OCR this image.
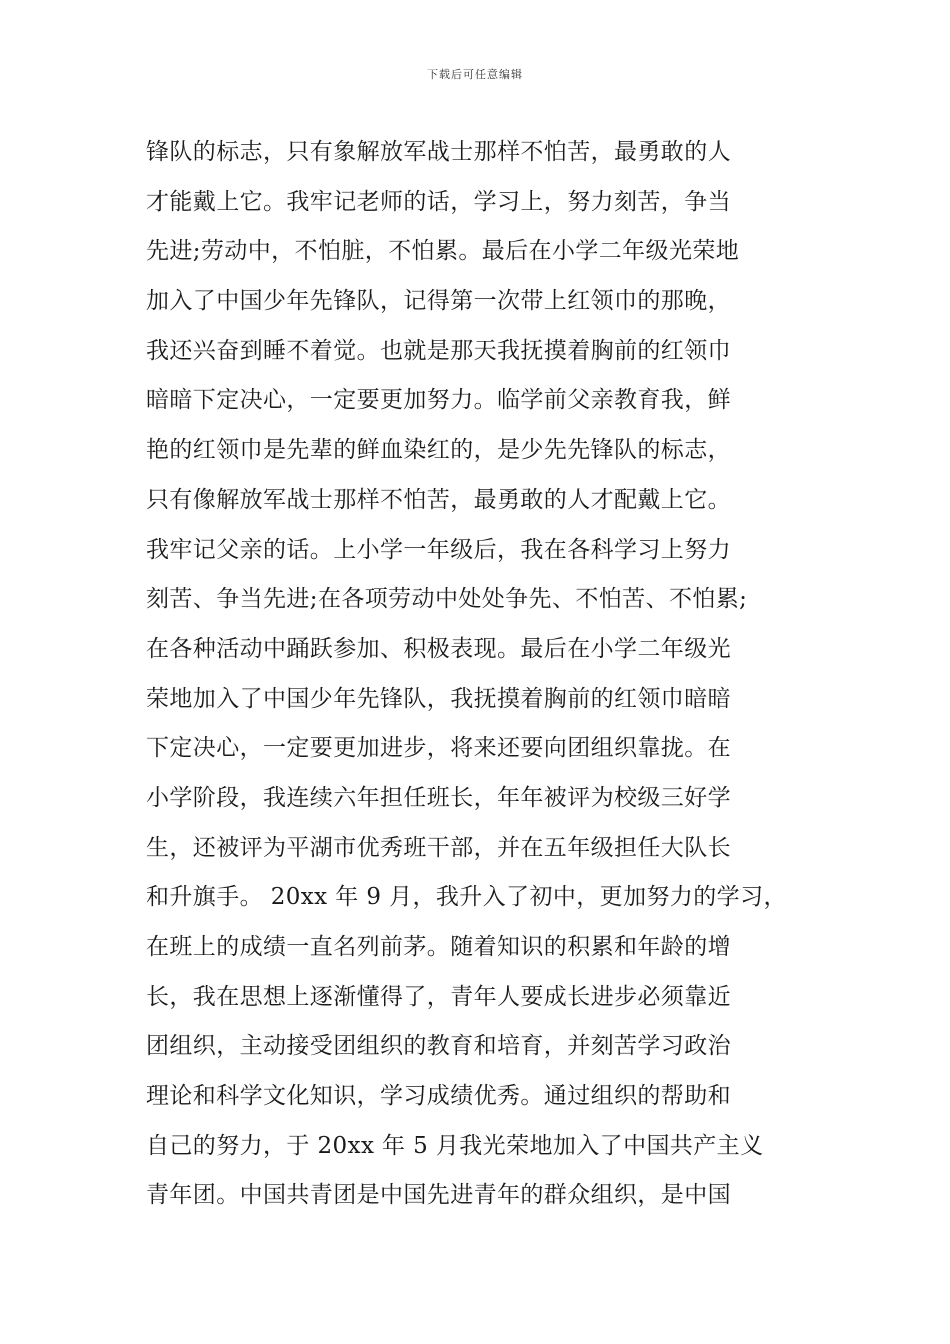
下载后可任意编辑
锋队的标志，只有象解放军战士那样不怕苦，最勇敢的人
才能戴上它。我牢记老师的话，学习上，努力刻苦，争当
先进;劳动中，不怕脏，不怕累。最后在小学二年级光荣地
加入了中国少年先锋队，记得第一次带上红领巾的那晚，
我还兴奋到睡不着觉。也就是那天我抚摸着胸前的红领巾
暗暗下定决心，一定要更加努力。临学前父亲教育我，鲜
艳的红领巾是先辈的鲜血染红的，是少先先锋队的标志，
只有像解放军战士那样不怕苦，最勇敢的人才配戴上它。
我牢记父亲的话。上小学一年级后，我在各科学习上努力
刻苦、争当先进;在各项劳动中处处争先、不怕苦、不怕累;
在各种活动中踊跃参加、积极表现。最后在小学二年级光
荣地加入了中国少年先锋队，我抚摸着胸前的红领巾暗暗
下定决心，一定要更加进步，将来还要向团组织靠拢。在
小学阶段，我连续六年担任班长，年年被评为校级三好学
生，还被评为平湖市优秀班干部，并在五年级担任大队长
和升旗手。 20xx 年 9 月，我升入了初中，更加努力的学习，
在班上的成绩一直名列前茅。随着知识的积累和年龄的增
长，我在思想上逐渐懂得了，青年人要成长进步必须靠近
团组织，主动接受团组织的教育和培育，并刻苦学习政治
理论和科学文化知识，学习成绩优秀。通过组织的帮助和
自己的努力，于 20xx 年 5 月我光荣地加入了中国共产主义
青年团。中国共青团是中国先进青年的群众组织，是中国
